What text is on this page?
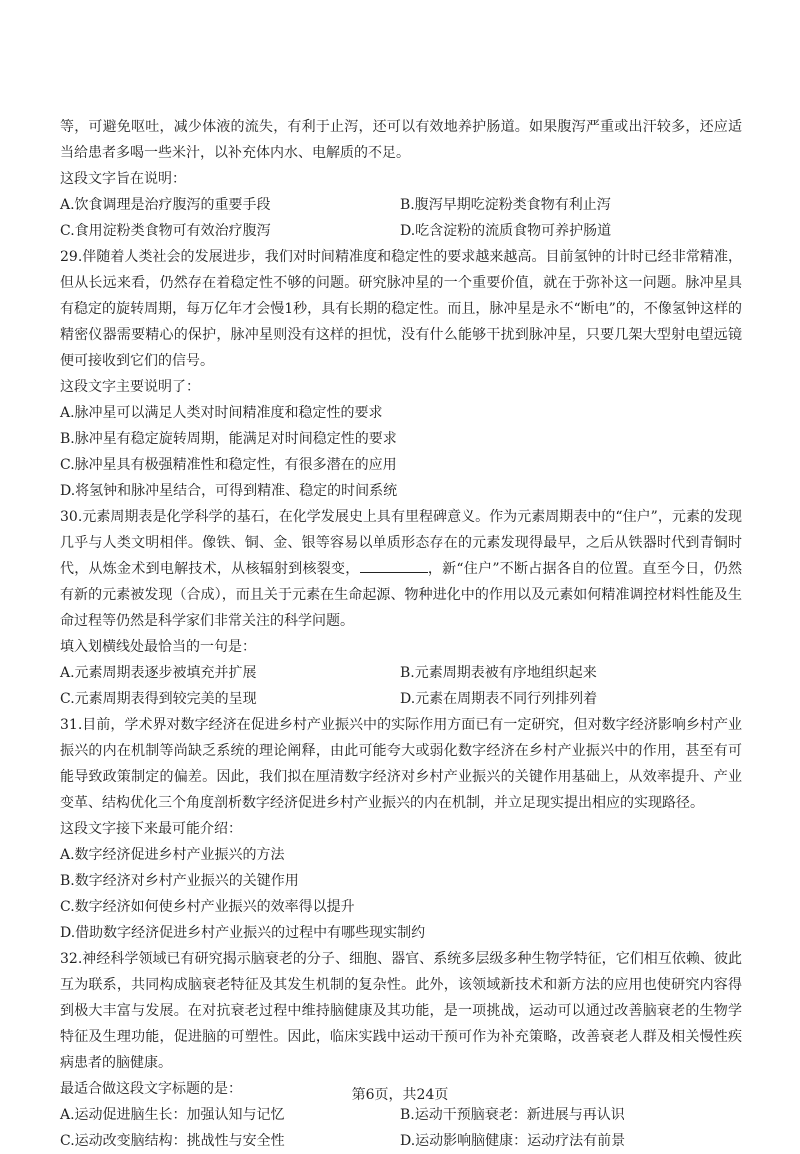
等，可避免呕吐，减少体液的流失，有利于止泻，还可以有效地养护肠道。如果腹泻严重或出汗较多，还应适当给患者多喝一些米汁，以补充体内水、电解质的不足。

这段文字旨在说明：

A.饮食调理是治疗腹泻的重要手段	B.腹泻早期吃淀粉类食物有利止泻
C.食用淀粉类食物可有效治疗腹泻	D.吃含淀粉的流质食物可养护肠道

29.伴随着人类社会的发展进步，我们对时间精准度和稳定性的要求越来越高。目前氢钟的计时已经非常精准，但从长远来看，仍然存在着稳定性不够的问题。研究脉冲星的一个重要价值，就在于弥补这一问题。脉冲星具有稳定的旋转周期，每万亿年才会慢1秒，具有长期的稳定性。而且，脉冲星是永不“断电”的，不像氢钟这样的精密仪器需要精心的保护，脉冲星则没有这样的担忧，没有什么能够干扰到脉冲星，只要几架大型射电望远镜便可接收到它们的信号。

这段文字主要说明了：

A.脉冲星可以满足人类对时间精准度和稳定性的要求

B.脉冲星有稳定旋转周期，能满足对时间稳定性的要求

C.脉冲星具有极强精准性和稳定性，有很多潜在的应用

D.将氢钟和脉冲星结合，可得到精准、稳定的时间系统

30.元素周期表是化学科学的基石，在化学发展史上具有里程碑意义。作为元素周期表中的“住户”，元素的发现几乎与人类文明相伴。像铁、铜、金、银等容易以单质形态存在的元素发现得最早，之后从铁器时代到青铜时代，从炼金术到电解技术，从核辐射到核裂变，	，新“住户”不断占据各自的位置。直至今日，仍然有新的元素被发现（合成），而且关于元素在生命起源、物种进化中的作用以及元素如何精准调控材料性能及生命过程等仍然是科学家们非常关注的科学问题。

填入划横线处最恰当的一句是：

A.元素周期表逐步被填充并扩展	B.元素周期表被有序地组织起来
C.元素周期表得到较完美的呈现	D.元素在周期表不同行列排列着

31.目前，学术界对数字经济在促进乡村产业振兴中的实际作用方面已有一定研究，但对数字经济影响乡村产业振兴的内在机制等尚缺乏系统的理论阐释，由此可能夸大或弱化数字经济在乡村产业振兴中的作用，甚至有可能导致政策制定的偏差。因此，我们拟在厘清数字经济对乡村产业振兴的关键作用基础上，从效率提升、产业变革、结构优化三个角度剖析数字经济促进乡村产业振兴的内在机制，并立足现实提出相应的实现路径。

这段文字接下来最可能介绍：

A.数字经济促进乡村产业振兴的方法

B.数字经济对乡村产业振兴的关键作用

C.数字经济如何使乡村产业振兴的效率得以提升

D.借助数字经济促进乡村产业振兴的过程中有哪些现实制约

32.神经科学领域已有研究揭示脑衰老的分子、细胞、器官、系统多层级多种生物学特征，它们相互依赖、彼此互为联系，共同构成脑衰老特征及其发生机制的复杂性。此外，该领域新技术和新方法的应用也使研究内容得到极大丰富与发展。在对抗衰老过程中维持脑健康及其功能，是一项挑战，运动可以通过改善脑衰老的生物学特征及生理功能，促进脑的可塑性。因此，临床实践中运动干预可作为补充策略，改善衰老人群及相关慢性疾病患者的脑健康。

最适合做这段文字标题的是：

A.运动促进脑生长：加强认知与记忆	B.运动干预脑衰老：新进展与再认识
C.运动改变脑结构：挑战性与安全性	D.运动影响脑健康：运动疗法有前景
第6页，共24页
